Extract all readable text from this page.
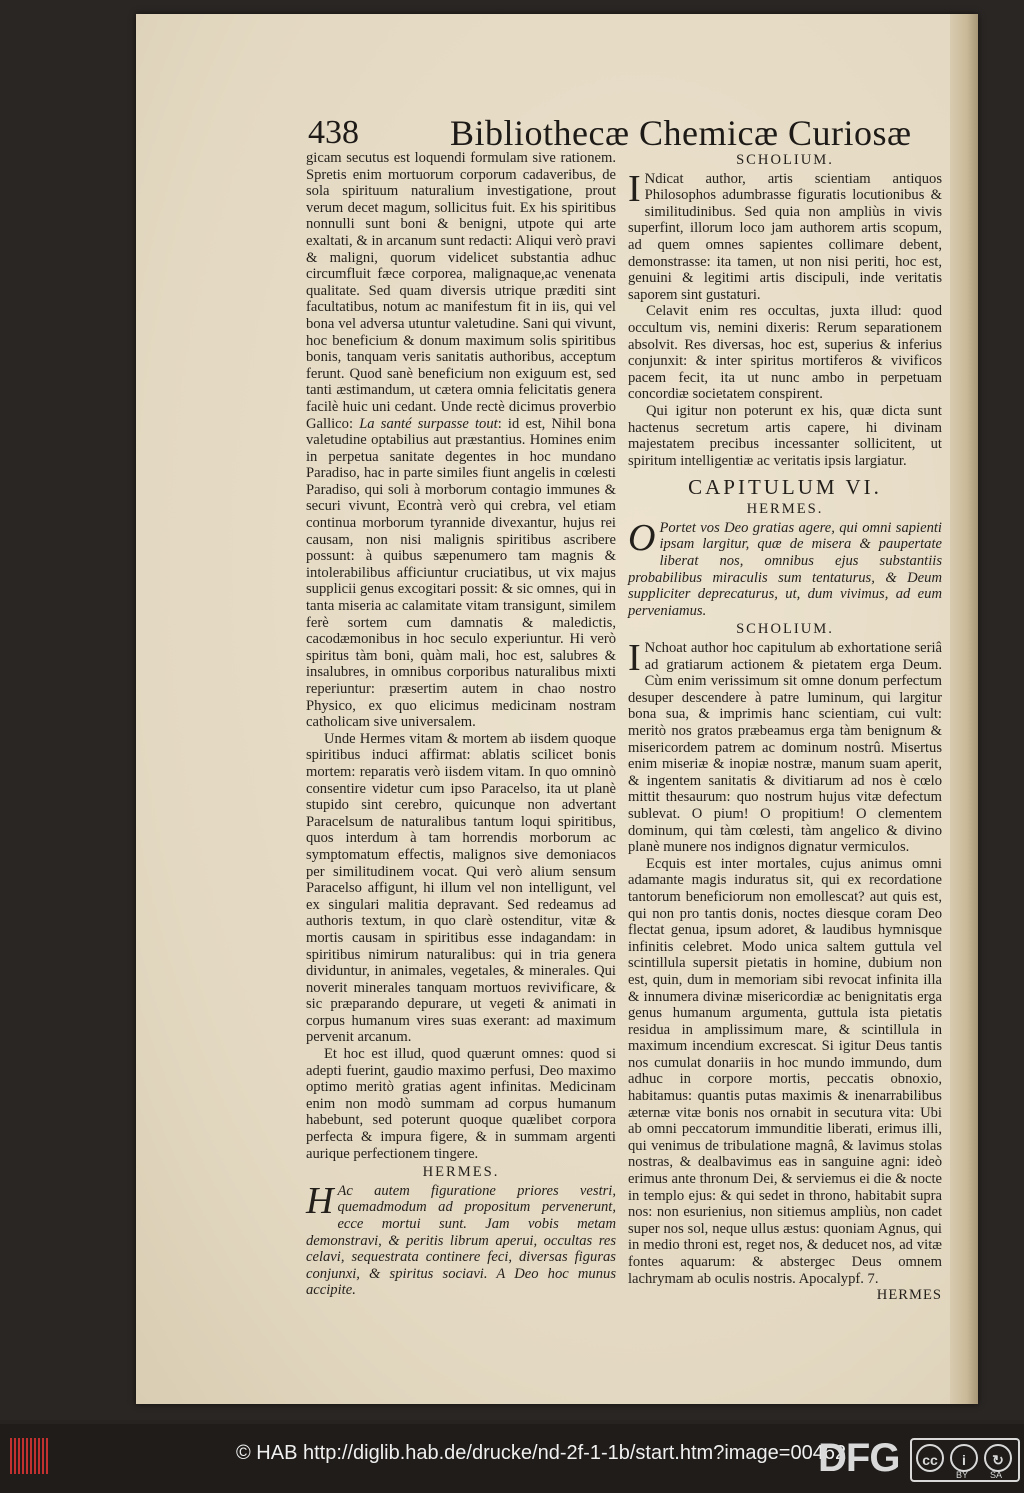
438	Bibliothecæ Chemicæ Curiosæ

gicam secutus est loquendi formulam sive rationem. Spretis enim mortuorum corporum cadaveribus, de sola spirituum naturalium investigatione, prout verum decet magum, sollicitus fuit. Ex his spiritibus nonnulli sunt boni & benigni, utpote qui arte exaltati, & in arcanum sunt redacti: Aliqui verò pravi & maligni, quorum videlicet substantia adhuc circumfluit fæce corporea, malignaque,ac venenata qualitate. Sed quam diversis utrique præditi sint facultatibus, notum ac manifestum fit in iis, qui vel bona vel adversa utuntur valetudine. Sani qui vivunt, hoc beneficium & donum maximum solis spiritibus bonis, tanquam veris sanitatis authoribus, acceptum ferunt. Quod sanè beneficium non exiguum est, sed tanti æstimandum, ut cætera omnia felicitatis genera facilè huic uni cedant. Unde rectè dicimus proverbio Gallico: La santé surpasse tout: id est, Nihil bona valetudine optabilius aut præstantius. Homines enim in perpetua sanitate degentes in hoc mundano Paradiso, hac in parte similes fiunt angelis in cœlesti Paradiso, qui soli à morborum contagio immunes & securi vivunt, Econtrà verò qui crebra, vel etiam continua morborum tyrannide divexantur, hujus rei causam, non nisi malignis spiritibus ascribere possunt: à quibus sæpenumero tam magnis & intolerabilibus afficiuntur cruciatibus, ut vix majus supplicii genus excogitari possit: & sic omnes, qui in tanta miseria ac calamitate vitam transigunt, similem ferè sortem cum damnatis & maledictis, cacodæmonibus in hoc seculo experiuntur. Hi verò spiritus tàm boni, quàm mali, hoc est, salubres & insalubres, in omnibus corporibus naturalibus mixti reperiuntur: præsertim autem in chao nostro Physico, ex quo elicimus medicinam nostram catholicam sive universalem.

Unde Hermes vitam & mortem ab iisdem quoque spiritibus induci affirmat: ablatis scilicet bonis mortem: reparatis verò iisdem vitam. In quo omninò consentire videtur cum ipso Paracelso, ita ut planè stupido sint cerebro, quicunque non advertant Paracelsum de naturalibus tantum loqui spiritibus, quos interdum à tam horrendis morborum ac symptomatum effectis, malignos sive demoniacos per similitudinem vocat. Qui verò alium sensum Paracelso affigunt, hi illum vel non intelligunt, vel ex singulari malitia depravant. Sed redeamus ad authoris textum, in quo clarè ostenditur, vitæ & mortis causam in spiritibus esse indagandam: in spiritibus nimirum naturalibus: qui in tria genera dividuntur, in animales, vegetales, & minerales. Qui noverit minerales tanquam mortuos revivificare, & sic præparando depurare, ut vegeti & animati in corpus humanum vires suas exerant: ad maximum pervenit arcanum.

Et hoc est illud, quod quærunt omnes: quod si adepti fuerint, gaudio maximo perfusi, Deo maximo optimo meritò gratias agent infinitas. Medicinam enim non modò summam ad corpus humanum habebunt, sed poterunt quoque quælibet corpora perfecta & impura figere, & in summam argenti aurique perfectionem tingere.

HERMES.

H Ac autem figuratione priores vestri, quemadmodum ad propositum pervenerunt, ecce mortui sunt. Jam vobis metam demonstravi, & peritis librum aperui, occultas res celavi, sequestrata continere feci, diversas figuras conjunxi, & spiritus sociavi. A Deo hoc munus accipite.

SCHOLIUM.

I Ndicat author, artis scientiam antiquos Philosophos adumbrasse figuratis locutionibus & similitudinibus. Sed quia non ampliùs in vivis superfint, illorum loco jam authorem artis scopum, ad quem omnes sapientes collimare debent, demonstrasse: ita tamen, ut non nisi periti, hoc est, genuini & legitimi artis discipuli, inde veritatis saporem sint gustaturi.

Celavit enim res occultas, juxta illud: quod occultum vis, nemini dixeris: Rerum separationem absolvit. Res diversas, hoc est, superius & inferius conjunxit: & inter spiritus mortiferos & vivificos pacem fecit, ita ut nunc ambo in perpetuam concordiæ societatem conspirent.

Qui igitur non poterunt ex his, quæ dicta sunt hactenus secretum artis capere, hi divinam majestatem precibus incessanter sollicitent, ut spiritum intelligentiæ ac veritatis ipsis largiatur.

CAPITULUM VI.
HERMES.

O Portet vos Deo gratias agere, qui omni sapienti ipsam largitur, quæ de misera & paupertate liberat nos, omnibus ejus substantiis probabilibus miraculis sum tentaturus, & Deum suppliciter deprecaturus, ut, dum vivimus, ad eum perveniamus.

SCHOLIUM.

I Nchoat author hoc capitulum ab exhortatione seriâ ad gratiarum actionem & pietatem erga Deum. Cùm enim verissimum sit omne donum perfectum desuper descendere à patre luminum, qui largitur bona sua, & imprimis hanc scientiam, cui vult: meritò nos gratos præbeamus erga tàm benignum & misericordem patrem ac dominum nostrû. Misertus enim miseriæ & inopiæ nostræ, manum suam aperit, & ingentem sanitatis & divitiarum ad nos è cœlo mittit thesaurum: quo nostrum hujus vitæ defectum sublevat. O pium! O propitium! O clementem dominum, qui tàm cœlesti, tàm angelico & divino planè munere nos indignos dignatur vermiculos.

Ecquis est inter mortales, cujus animus omni adamante magis induratus sit, qui ex recordatione tantorum beneficiorum non emollescat? aut quis est, qui non pro tantis donis, noctes diesque coram Deo flectat genua, ipsum adoret, & laudibus hymnisque infinitis celebret. Modo unica saltem guttula vel scintillula supersit pietatis in homine, dubium non est, quin, dum in memoriam sibi revocat infinita illa & innumera divinæ misericordiæ ac benignitatis erga genus humanum argumenta, guttula ista pietatis residua in amplissimum mare, & scintillula in maximum incendium excrescat. Si igitur Deus tantis nos cumulat donariis in hoc mundo immundo, dum adhuc in corpore mortis, peccatis obnoxio, habitamus: quantis putas maximis & inenarrabilibus æternæ vitæ bonis nos ornabit in secutura vita: Ubi ab omni peccatorum immunditie liberati, erimus illi, qui venimus de tribulatione magnâ, & lavimus stolas nostras, & dealbavimus eas in sanguine agni: ideò erimus ante thronum Dei, & serviemus ei die & nocte in templo ejus: & qui sedet in throno, habitabit supra nos: non esurienius, non sitiemus ampliùs, non cadet super nos sol, neque ullus æstus: quoniam Agnus, qui in medio throni est, reget nos, & deducet nos, ad vitæ fontes aquarum: & abstergec Deus omnem lachrymam ab oculis nostris. Apocalypf. 7.

HERMES
© HAB http://diglib.hab.de/drucke/nd-2f-1-1b/start.htm?image=00462
DFG	cc	i	↻
BY SA
